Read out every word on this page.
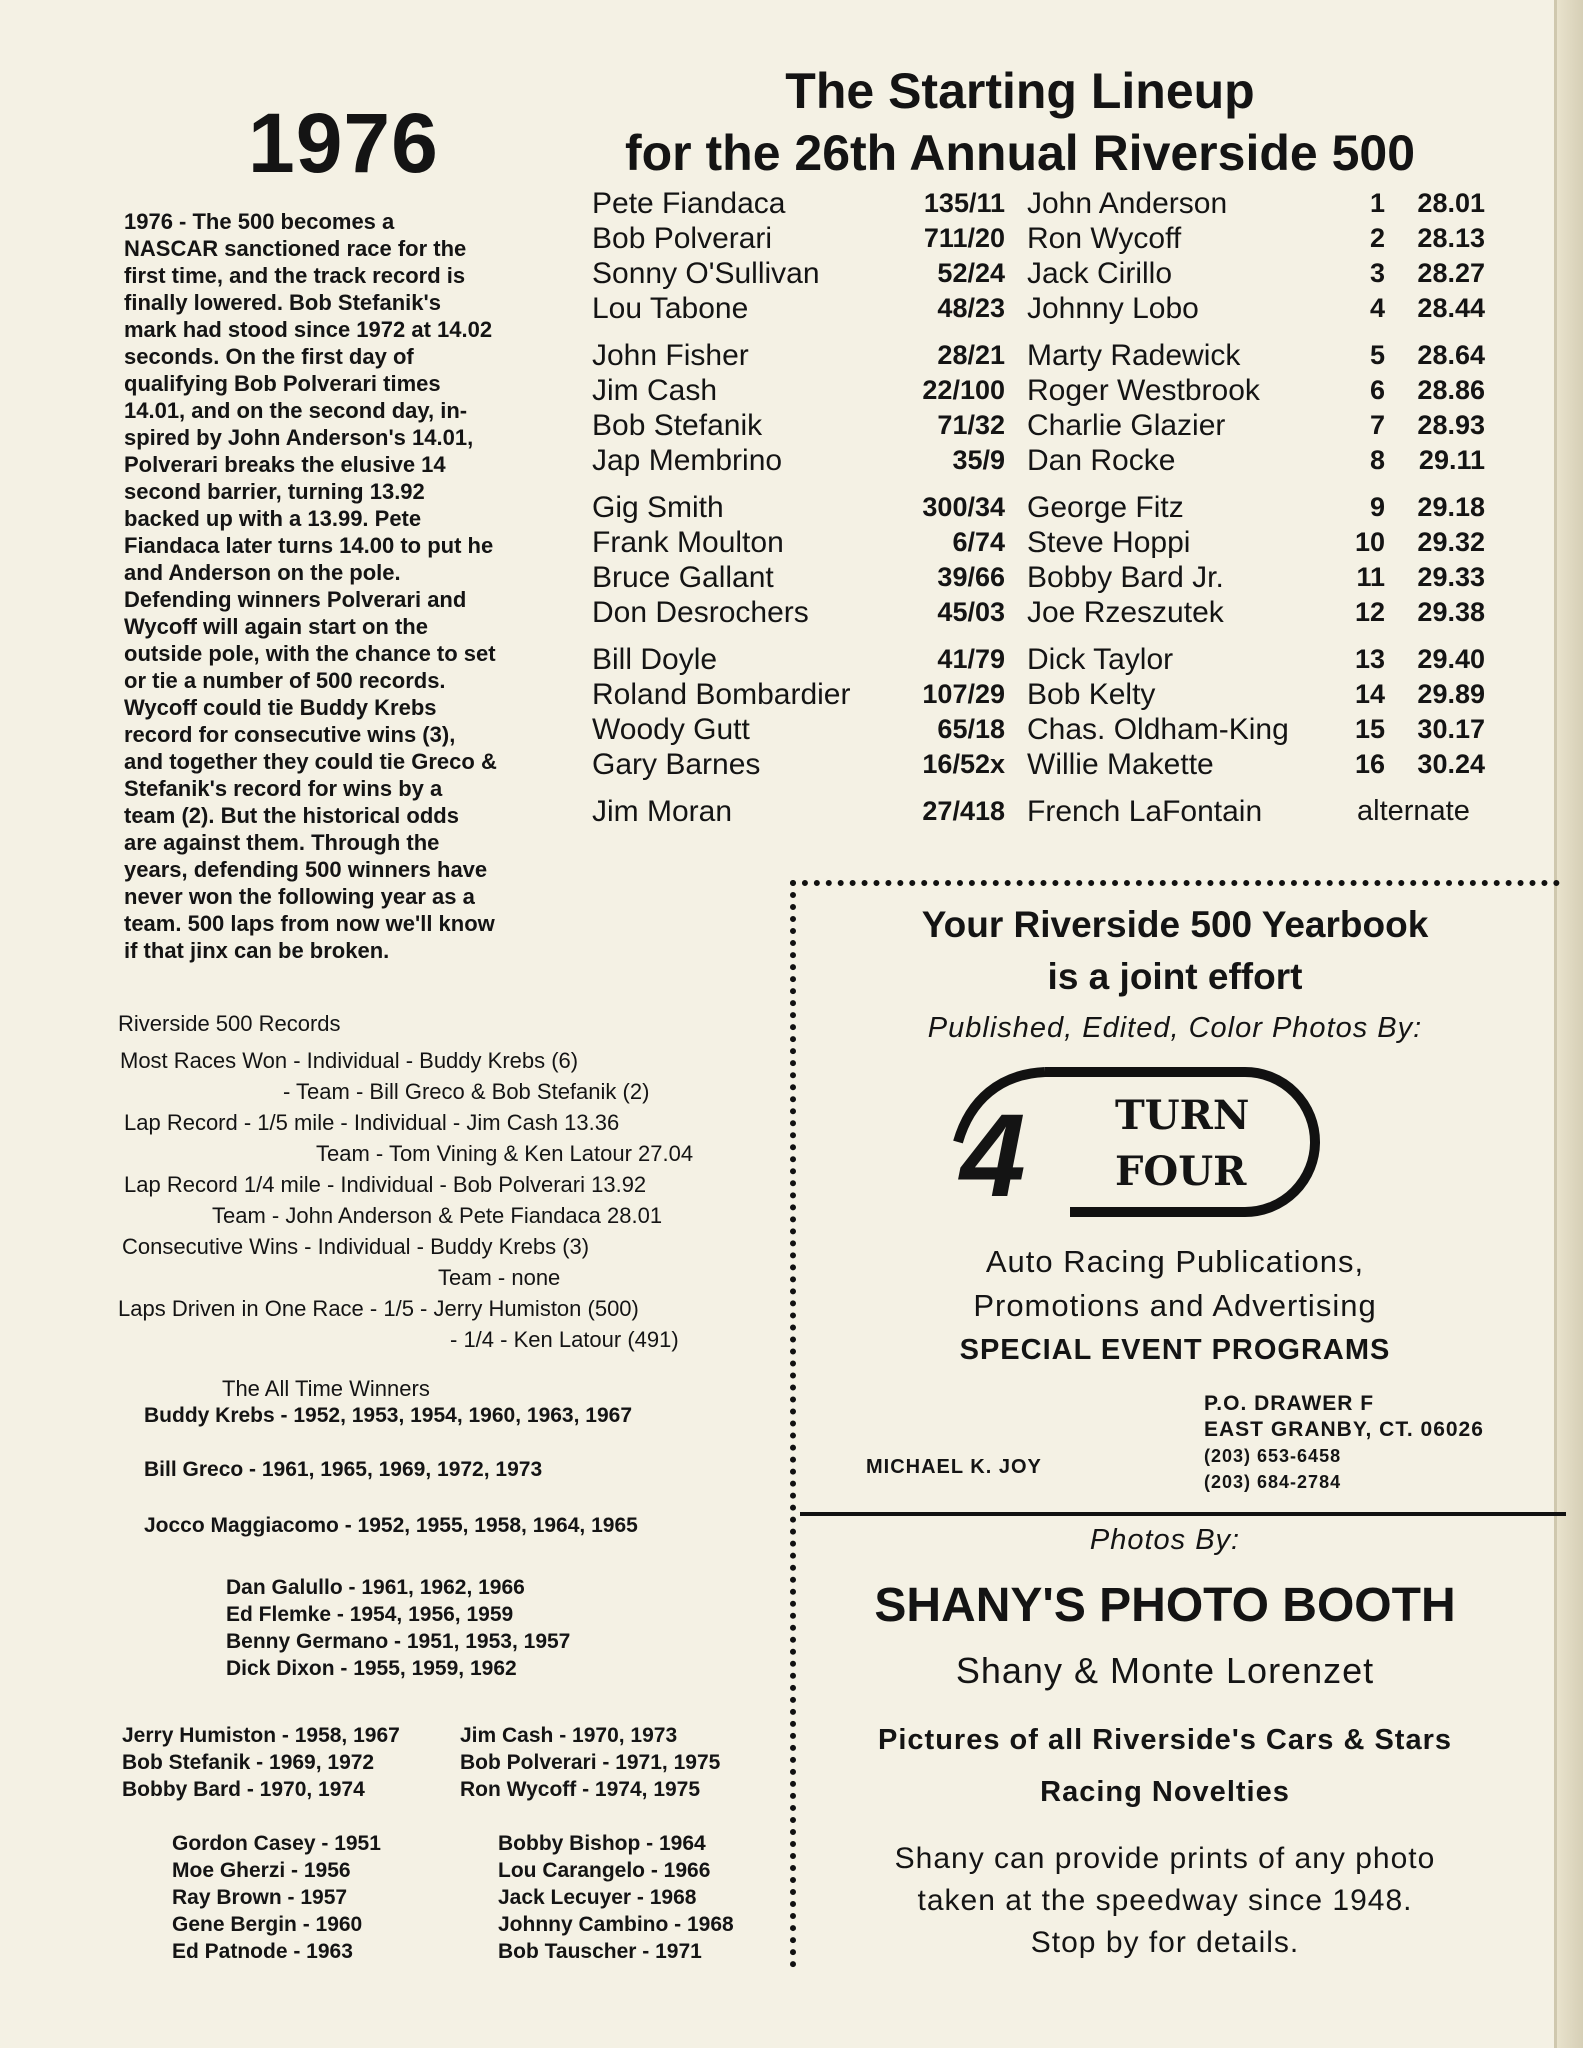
1976
The Starting Lineup
for the 26th Annual Riverside 500
1976 - The 500 becomes a
NASCAR sanctioned race for the
first time, and the track record is
finally lowered. Bob Stefanik's
mark had stood since 1972 at 14.02
seconds. On the first day of
qualifying Bob Polverari times
14.01, and on the second day, in-
spired by John Anderson's 14.01,
Polverari breaks the elusive 14
second barrier, turning 13.92
backed up with a 13.99. Pete
Fiandaca later turns 14.00 to put he
and Anderson on the pole.
Defending winners Polverari and
Wycoff will again start on the
outside pole, with the chance to set
or tie a number of 500 records.
Wycoff could tie Buddy Krebs
record for consecutive wins (3),
and together they could tie Greco &
Stefanik's record for wins by a
team (2). But the historical odds
are against them. Through the
years, defending 500 winners have
never won the following year as a
team. 500 laps from now we'll know
if that jinx can be broken.
Pete Fiandaca	135/11 John Anderson	1	28.01
Bob Polverari	711/20 Ron Wycoff	2	28.13
Sonny O'Sullivan	52/24 Jack Cirillo	3	28.27
Lou Tabone	48/23 Johnny Lobo	4	28.44
John Fisher	28/21 Marty Radewick	5	28.64
Jim Cash	22/100 Roger Westbrook	6	28.86
Bob Stefanik	71/32 Charlie Glazier	7	28.93
Jap Membrino	35/9 Dan Rocke	8	29.11
Gig Smith	300/34 George Fitz	9	29.18
Frank Moulton	6/74 Steve Hoppi	10	29.32
Bruce Gallant	39/66 Bobby Bard Jr.	11	29.33
Don Desrochers	45/03 Joe Rzeszutek	12	29.38
Bill Doyle	41/79 Dick Taylor	13	29.40
Roland Bombardier	107/29 Bob Kelty	14	29.89
Woody Gutt	65/18 Chas. Oldham-King	15	30.17
Gary Barnes	16/52x Willie Makette	16	30.24
Jim Moran	27/418 French LaFontain	alternate
Riverside 500 Records
Most Races Won - Individual - Buddy Krebs (6)
- Team - Bill Greco & Bob Stefanik (2)
Lap Record - 1/5 mile - Individual - Jim Cash 13.36
Team - Tom Vining & Ken Latour 27.04
Lap Record 1/4 mile - Individual - Bob Polverari 13.92
Team - John Anderson & Pete Fiandaca 28.01
Consecutive Wins - Individual - Buddy Krebs (3)
Team - none
Laps Driven in One Race - 1/5 - Jerry Humiston (500)
- 1/4 - Ken Latour (491)
The All Time Winners
Buddy Krebs - 1952, 1953, 1954, 1960, 1963, 1967
Bill Greco - 1961, 1965, 1969, 1972, 1973
Jocco Maggiacomo - 1952, 1955, 1958, 1964, 1965
Dan Galullo - 1961, 1962, 1966
Ed Flemke - 1954, 1956, 1959
Benny Germano - 1951, 1953, 1957
Dick Dixon - 1955, 1959, 1962
Jerry Humiston - 1958, 1967
Bob Stefanik - 1969, 1972
Bobby Bard - 1970, 1974
Jim Cash - 1970, 1973
Bob Polverari - 1971, 1975
Ron Wycoff - 1974, 1975
Gordon Casey - 1951
Moe Gherzi - 1956
Ray Brown - 1957
Gene Bergin - 1960
Ed Patnode - 1963
Bobby Bishop - 1964
Lou Carangelo - 1966
Jack Lecuyer - 1968
Johnny Cambino - 1968
Bob Tauscher - 1971
Your Riverside 500 Yearbook
is a joint effort
Published, Edited, Color Photos By:
4 TURN
FOUR
Auto Racing Publications,
Promotions and Advertising
SPECIAL EVENT PROGRAMS
MICHAEL K. JOY
P.O. DRAWER F
EAST GRANBY, CT. 06026
(203) 653-6458
(203) 684-2784
Photos By:
SHANY'S PHOTO BOOTH
Shany & Monte Lorenzet
Pictures of all Riverside's Cars & Stars
Racing Novelties
Shany can provide prints of any photo
taken at the speedway since 1948.
Stop by for details.
